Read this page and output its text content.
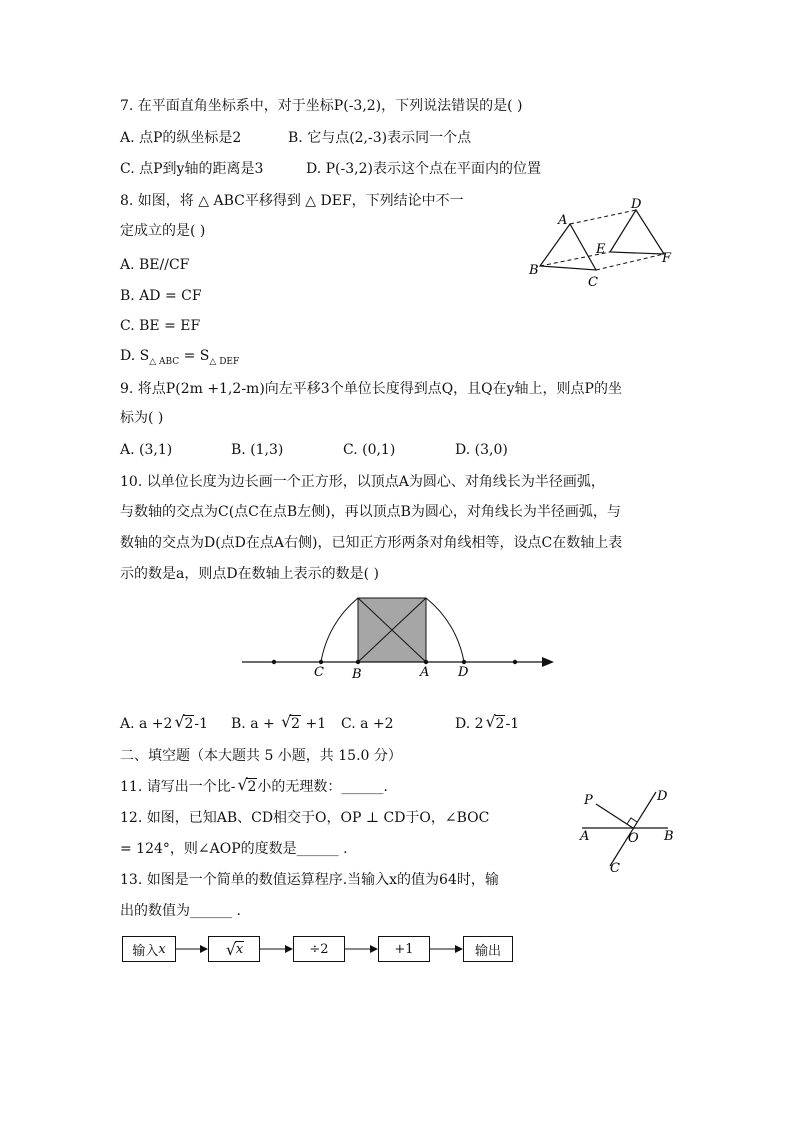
7. 在平面直角坐标系中，对于坐标P(-3,2)，下列说法错误的是( )
A. 点P的纵坐标是2	B. 它与点(2,-3)表示同一个点
C. 点P到y轴的距离是3	D. P(-3,2)表示这个点在平面内的位置
8. 如图，将 △ ABC平移得到 △ DEF，下列结论中不一
定成立的是( )
A. BE//CF
B. AD = CF
C. BE = EF
D. $S_{\triangle ABC} = S_{\triangle DEF}$
A
D
E
F
B
C
9. 将点P(2m +1,2-m)向左平移3个单位长度得到点Q，且Q在y轴上，则点P的坐
标为( )
A. (3,1)	B. (1,3)	C. (0,1)	D. (3,0)
10. 以单位长度为边长画一个正方形，以顶点A为圆心、对角线长为半径画弧，
与数轴的交点为C(点C在点B左侧)，再以顶点B为圆心，对角线长为半径画弧，与
数轴的交点为D(点D在点A右侧)，已知正方形两条对角线相等，设点C在数轴上表
示的数是a，则点D在数轴上表示的数是( )
C B	A D
A. a +2 √ 2-1 B. a + √ 2 +1 C. a +2	D. 2 √ 2-1
二、填空题（本大题共 5 小题，共 15.0 分）
11. 请写出一个比- √ 2小的无理数：______.
12. 如图，已知AB、CD相交于O，OP ⊥ CD于O，∠BOC
= 124°，则∠AOP的度数是______ .
P	D
A	O B
C
13. 如图是一个简单的数值运算程序.当输入x的值为64时，输
出的数值为______ .
输入 x	√ x	÷2	+1	输出
